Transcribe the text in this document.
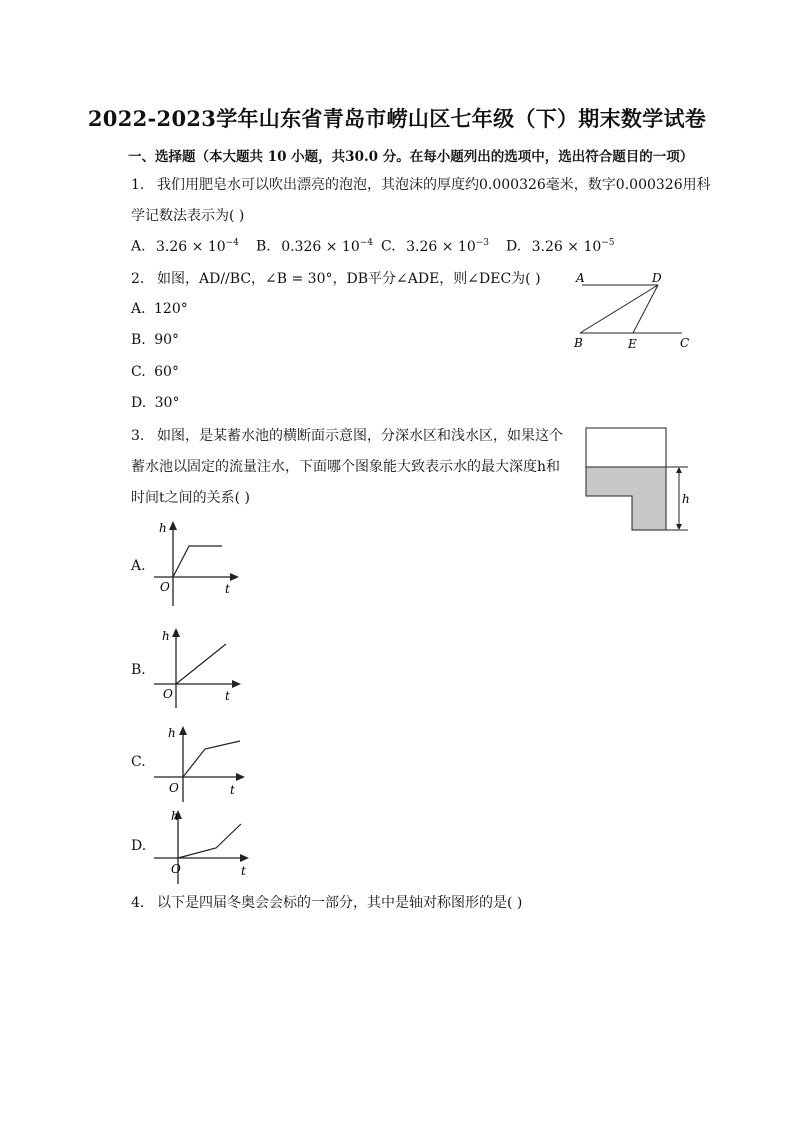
2022-2023学年山东省青岛市崂山区七年级（下）期末数学试卷
一、选择题（本大题共 10 小题，共30.0 分。在每小题列出的选项中，选出符合题目的一项）
1. 我们用肥皂水可以吹出漂亮的泡泡，其泡沫的厚度约0.000326毫米，数字0.000326用科
学记数法表示为( )
A. $3.26 \times 10^{-4}$ B. $0.326 \times 10^{-4}$ C. $3.26 \times 10^{-3}$ D. $3.26 \times 10^{-5}$
2. 如图，AD//BC，∠B = 30°，DB平分∠ADE，则∠DEC为( )
A. 120°
B. 90°
C. 60°
D. 30°
A	D
B	E	C
3. 如图，是某蓄水池的横断面示意图，分深水区和浅水区，如果这个
蓄水池以固定的流量注水，下面哪个图象能大致表示水的最大深度h和
时间t之间的关系( )	h
A.
h
O	t
B.
h
O	t
C.
h
O	t
D.
h
O	t
4. 以下是四届冬奥会会标的一部分，其中是轴对称图形的是( )
